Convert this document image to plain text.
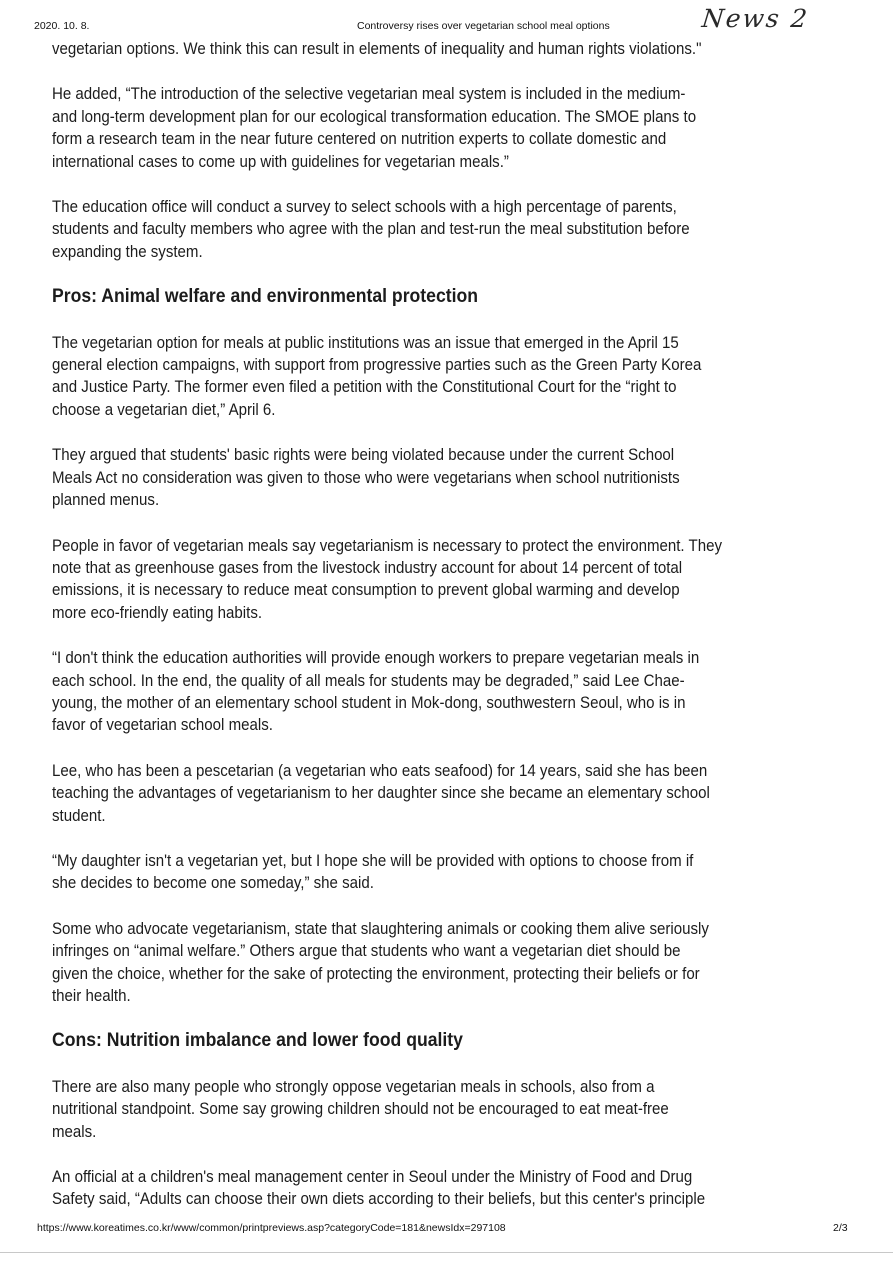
2020. 10. 8.	Controversy rises over vegetarian school meal options	News 2

vegetarian options. We think this can result in elements of inequality and human rights violations."

He added, “The introduction of the selective vegetarian meal system is included in the medium-
and long-term development plan for our ecological transformation education. The SMOE plans to
form a research team in the near future centered on nutrition experts to collate domestic and
international cases to come up with guidelines for vegetarian meals.”

The education office will conduct a survey to select schools with a high percentage of parents,
students and faculty members who agree with the plan and test-run the meal substitution before
expanding the system.

Pros: Animal welfare and environmental protection

The vegetarian option for meals at public institutions was an issue that emerged in the April 15
general election campaigns, with support from progressive parties such as the Green Party Korea
and Justice Party. The former even filed a petition with the Constitutional Court for the “right to
choose a vegetarian diet,” April 6.

They argued that students' basic rights were being violated because under the current School
Meals Act no consideration was given to those who were vegetarians when school nutritionists
planned menus.

People in favor of vegetarian meals say vegetarianism is necessary to protect the environment. They
note that as greenhouse gases from the livestock industry account for about 14 percent of total
emissions, it is necessary to reduce meat consumption to prevent global warming and develop
more eco-friendly eating habits.

“I don't think the education authorities will provide enough workers to prepare vegetarian meals in
each school. In the end, the quality of all meals for students may be degraded,” said Lee Chae-
young, the mother of an elementary school student in Mok-dong, southwestern Seoul, who is in
favor of vegetarian school meals.

Lee, who has been a pescetarian (a vegetarian who eats seafood) for 14 years, said she has been
teaching the advantages of vegetarianism to her daughter since she became an elementary school
student.

“My daughter isn't a vegetarian yet, but I hope she will be provided with options to choose from if
she decides to become one someday,” she said.

Some who advocate vegetarianism, state that slaughtering animals or cooking them alive seriously
infringes on “animal welfare.” Others argue that students who want a vegetarian diet should be
given the choice, whether for the sake of protecting the environment, protecting their beliefs or for
their health.

Cons: Nutrition imbalance and lower food quality

There are also many people who strongly oppose vegetarian meals in schools, also from a
nutritional standpoint. Some say growing children should not be encouraged to eat meat-free
meals.

An official at a children's meal management center in Seoul under the Ministry of Food and Drug
Safety said, “Adults can choose their own diets according to their beliefs, but this center's principle

https://www.koreatimes.co.kr/www/common/printpreviews.asp?categoryCode=181&newsIdx=297108	2/3
